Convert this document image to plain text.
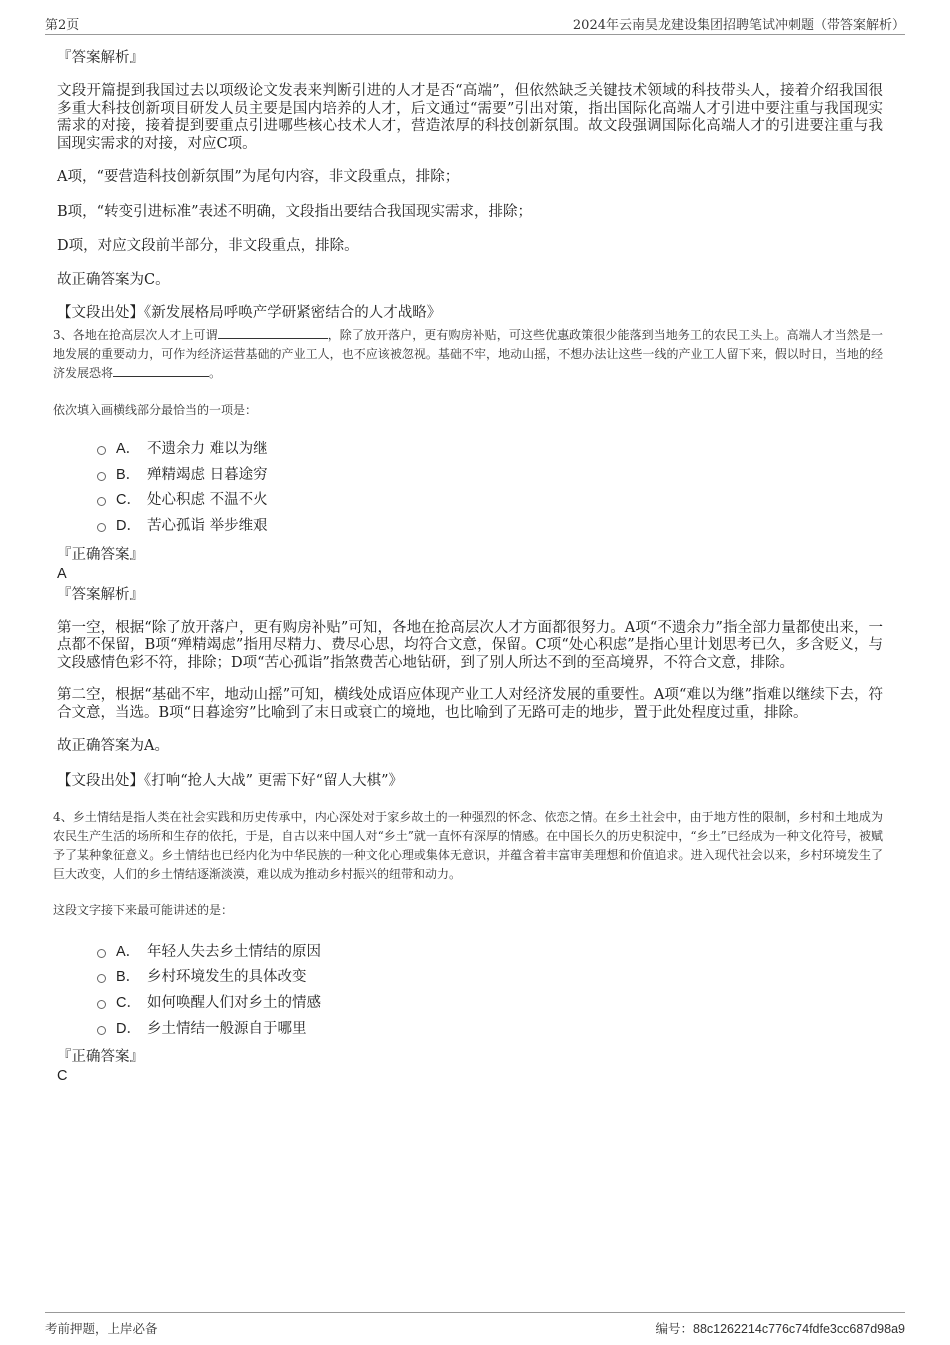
第2页	2024年云南昊龙建设集团招聘笔试冲刺题（带答案解析）
『答案解析』
文段开篇提到我国过去以项级论文发表来判断引进的人才是否“高端”，但依然缺乏关键技术领域的科技带头人，接着介绍我国很多重大科技创新项目研发人员主要是国内培养的人才，后文通过“需要”引出对策，指出国际化高端人才引进中要注重与我国现实需求的对接，接着提到要重点引进哪些核心技术人才，营造浓厚的科技创新氛围。故文段强调国际化高端人才的引进要注重与我国现实需求的对接，对应C项。
A项，“要营造科技创新氛围”为尾句内容，非文段重点，排除；
B项，“转变引进标准”表述不明确，文段指出要结合我国现实需求，排除；
D项，对应文段前半部分，非文段重点，排除。
故正确答案为C。
【文段出处】《新发展格局呼唤产学研紧密结合的人才战略》
3、各地在抢高层次人才上可谓	，除了放开落户，更有购房补贴，可这些优惠政策很少能落到当地务工的农民工头上。高端人才当然是一地发展的重要动力，可作为经济运营基础的产业工人，也不应该被忽视。基础不牢，地动山摇，不想办法让这些一线的产业工人留下来，假以时日，当地的经济发展恐将	。
依次填入画横线部分最恰当的一项是：
A． 不遗余力 难以为继
B． 殚精竭虑 日暮途穷
C． 处心积虑 不温不火
D． 苦心孤诣 举步维艰
『正确答案』
A
『答案解析』
第一空，根据“除了放开落户，更有购房补贴”可知，各地在抢高层次人才方面都很努力。A项“不遗余力”指全部力量都使出来，一点都不保留，B项“殚精竭虑”指用尽精力、费尽心思，均符合文意，保留。C项“处心积虑”是指心里计划思考已久，多含贬义，与文段感情色彩不符，排除；D项“苦心孤诣”指煞费苦心地钻研，到了别人所达不到的至高境界，不符合文意，排除。
第二空，根据“基础不牢，地动山摇”可知，横线处成语应体现产业工人对经济发展的重要性。A项“难以为继”指难以继续下去，符合文意，当选。B项“日暮途穷”比喻到了末日或衰亡的境地，也比喻到了无路可走的地步，置于此处程度过重，排除。
故正确答案为A。
【文段出处】《打响“抢人大战” 更需下好“留人大棋”》
4、乡土情结是指人类在社会实践和历史传承中，内心深处对于家乡故土的一种强烈的怀念、依恋之情。在乡土社会中，由于地方性的限制，乡村和土地成为农民生产生活的场所和生存的依托，于是，自古以来中国人对“乡土”就一直怀有深厚的情感。在中国长久的历史积淀中，“乡土”已经成为一种文化符号，被赋予了某种象征意义。乡土情结也已经内化为中华民族的一种文化心理或集体无意识，并蕴含着丰富审美理想和价值追求。进入现代社会以来，乡村环境发生了巨大改变，人们的乡土情结逐渐淡漠，难以成为推动乡村振兴的纽带和动力。
这段文字接下来最可能讲述的是：
A． 年轻人失去乡土情结的原因
B． 乡村环境发生的具体改变
C． 如何唤醒人们对乡土的情感
D． 乡土情结一般源自于哪里
『正确答案』
C
考前押题，上岸必备	编号：88c1262214c776c74fdfe3cc687d98a9
